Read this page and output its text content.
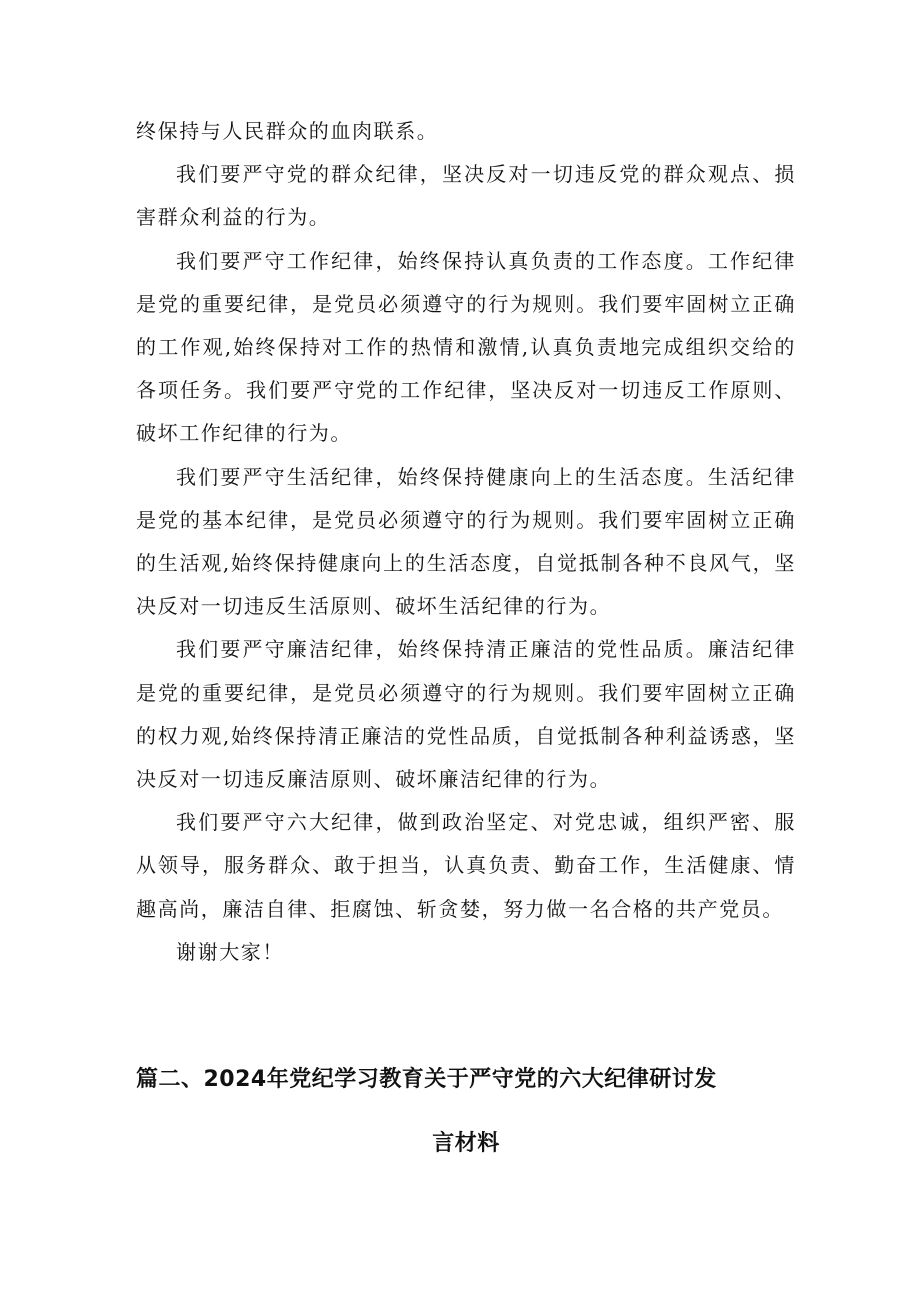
终保持与人民群众的血肉联系。

我们要严守党的群众纪律，坚决反对一切违反党的群众观点、损害群众利益的行为。

我们要严守工作纪律，始终保持认真负责的工作态度。工作纪律是党的重要纪律，是党员必须遵守的行为规则。我们要牢固树立正确的工作观,始终保持对工作的热情和激情,认真负责地完成组织交给的各项任务。我们要严守党的工作纪律，坚决反对一切违反工作原则、破坏工作纪律的行为。

我们要严守生活纪律，始终保持健康向上的生活态度。生活纪律是党的基本纪律，是党员必须遵守的行为规则。我们要牢固树立正确的生活观,始终保持健康向上的生活态度，自觉抵制各种不良风气，坚决反对一切违反生活原则、破坏生活纪律的行为。

我们要严守廉洁纪律，始终保持清正廉洁的党性品质。廉洁纪律是党的重要纪律，是党员必须遵守的行为规则。我们要牢固树立正确的权力观,始终保持清正廉洁的党性品质，自觉抵制各种利益诱惑，坚决反对一切违反廉洁原则、破坏廉洁纪律的行为。

我们要严守六大纪律，做到政治坚定、对党忠诚，组织严密、服从领导，服务群众、敢于担当，认真负责、勤奋工作，生活健康、情趣高尚，廉洁自律、拒腐蚀、斩贪婪，努力做一名合格的共产党员。

谢谢大家！

篇二、2024年党纪学习教育关于严守党的六大纪律研讨发
言材料
